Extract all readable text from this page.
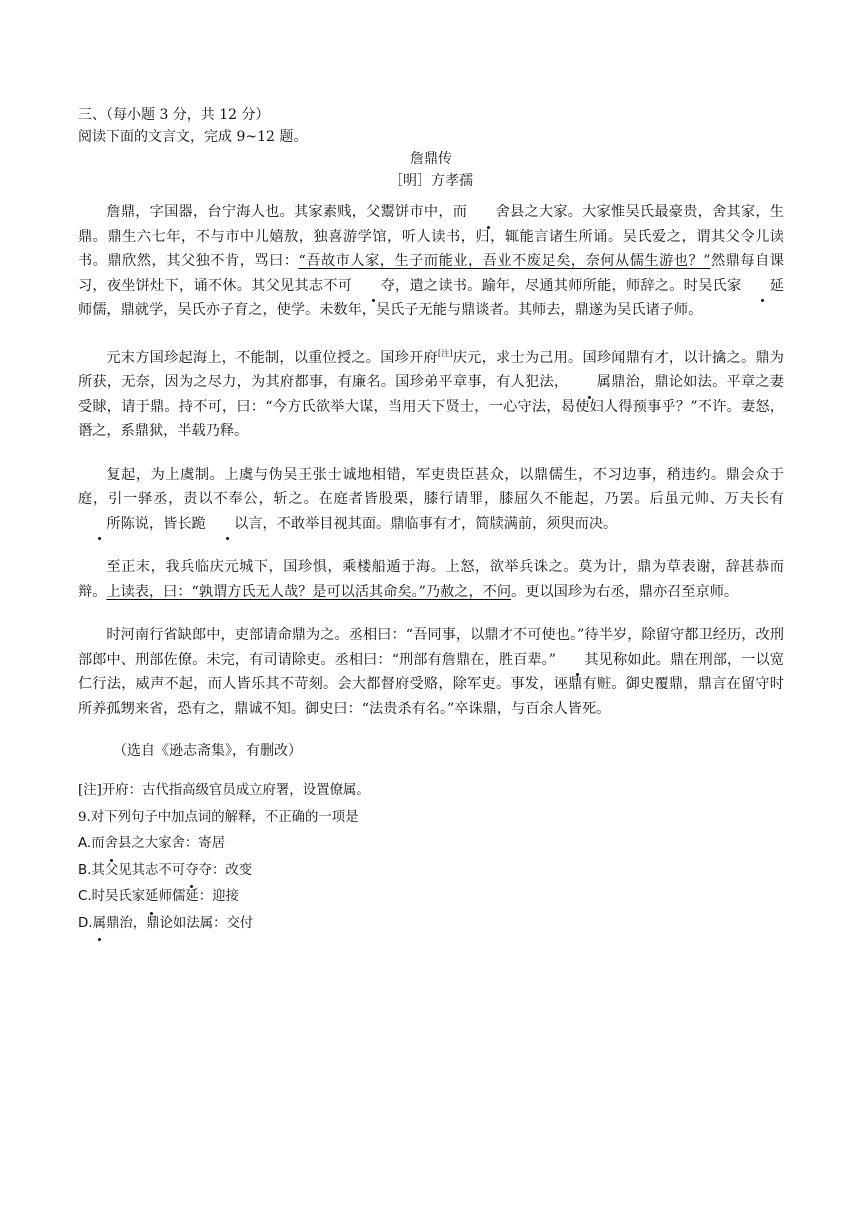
三、（每小题 3 分，共 12 分）
阅读下面的文言文，完成 9~12 题。
詹鼎传
［明］方孝孺

詹鼎，字国器，台宁海人也。其家素贱，父鬻饼市中，而 舍县之大家。大家惟吴氏最豪贵，舍其家，生鼎。鼎生六七年，不与市中儿嬉敖，独喜游学馆，听人读书，归，辄能言诸生所诵。吴氏爱之，谓其父令儿读书。鼎欣然，其父独不肯，骂曰：“吾故市人家，生子而能业，吾业不废足矣，奈何从儒生游也？”然鼎每自课习，夜坐饼灶下，诵不休。其父见其志不可 夺，遣之读书。踰年，尽通其师所能，师辞之。时吴氏家 延师儒，鼎就学，吴氏亦子育之，使学。未数年，吴氏子无能与鼎谈者。其师去，鼎遂为吴氏诸子师。

元末方国珍起海上，不能制，以重位授之。国珍开府[注]庆元，求士为己用。国珍闻鼎有才，以计擒之。鼎为所获，无奈，因为之尽力，为其府都事，有廉名。国珍弟平章事，有人犯法， 属鼎治，鼎论如法。平章之妻受賕，请于鼎。持不可，曰：“今方氏欲举大谋，当用天下贤士，一心守法，曷使妇人得预事乎？”不许。妻怒，谮之，系鼎狱，半载乃释。

复起，为上虞制。上虞与伪吴王张士诚地相错，军吏贵臣甚众，以鼎儒生，不习边事，稍违约。鼎会众于庭，引一驿丞，责以不奉公，斩之。在庭者皆股栗，膝行请罪，膝屈久不能起，乃罢。后虽元帅、万夫长有所陈说，皆长跪 以言，不敢举目视其面。鼎临事有才，简牍满前，须臾而决。

至正末，我兵临庆元城下，国珍惧，乘楼船遁于海。上怒，欲举兵诛之。莫为计，鼎为草表谢，辞甚恭而辩。上读表，曰：“孰谓方氏无人哉？是可以活其命矣。”乃赦之，不问。更以国珍为右丞，鼎亦召至京师。

时河南行省缺郎中，吏部请命鼎为之。丞相曰：“吾同事，以鼎才不可使也。”待半岁，除留守都卫经历，改刑部郎中、刑部佐僚。未完，有司请除吏。丞相曰：“刑部有詹鼎在，胜百辈。” 其见称如此。鼎在刑部，一以宽仁行法，威声不起，而人皆乐其不苛刻。会大都督府受赂，除军吏。事发，诬鼎有赃。御史覆鼎，鼎言在留守时所养孤甥来省，恐有之，鼎诚不知。御史曰：“法贵杀有名。”卒诛鼎，与百余人皆死。

（选自《逊志斋集》，有删改）
[注]开府：古代指高级官员成立府署，设置僚属。
9.对下列句子中加点词的解释，不正确的一项是
A.而舍县之大家舍：寄居
B.其父见其志不可夺夺：改变
C.时吴氏家延师儒延：迎接
D.属鼎治，鼎论如法属：交付
